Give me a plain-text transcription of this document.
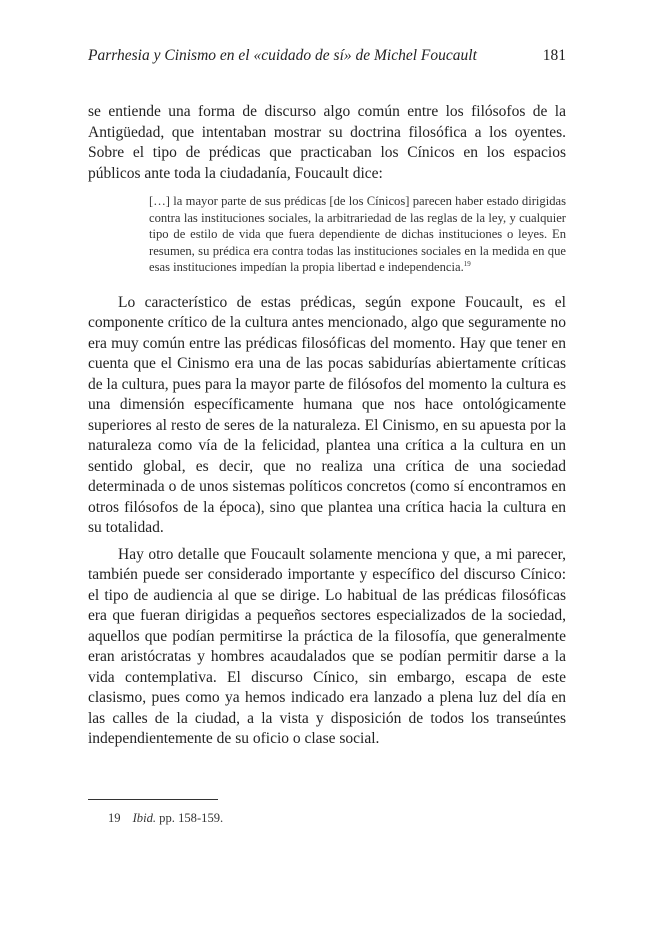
Parrhesia y Cinismo en el «cuidado de sí» de Michel Foucault	181

se entiende una forma de discurso algo común entre los filósofos de la Antigüedad, que intentaban mostrar su doctrina filosófica a los oyentes. Sobre el tipo de prédicas que practicaban los Cínicos en los espacios públicos ante toda la ciudadanía, Foucault dice:

[…] la mayor parte de sus prédicas [de los Cínicos] parecen haber estado dirigidas contra las instituciones sociales, la arbitrariedad de las reglas de la ley, y cualquier tipo de estilo de vida que fuera dependiente de dichas instituciones o leyes. En resumen, su prédica era contra todas las instituciones sociales en la medida en que esas instituciones impedían la propia libertad e independencia.$^{19}$

Lo característico de estas prédicas, según expone Foucault, es el componente crítico de la cultura antes mencionado, algo que seguramente no era muy común entre las prédicas filosóficas del momento. Hay que tener en cuenta que el Cinismo era una de las pocas sabidurías abiertamente críticas de la cultura, pues para la mayor parte de filósofos del momento la cultura es una dimensión específicamente humana que nos hace ontológicamente superiores al resto de seres de la naturaleza. El Cinismo, en su apuesta por la naturaleza como vía de la felicidad, plantea una crítica a la cultura en un sentido global, es decir, que no realiza una crítica de una sociedad determinada o de unos sistemas políticos concretos (como sí encontramos en otros filósofos de la época), sino que plantea una crítica hacia la cultura en su totalidad.

Hay otro detalle que Foucault solamente menciona y que, a mi parecer, también puede ser considerado importante y específico del discurso Cínico: el tipo de audiencia al que se dirige. Lo habitual de las prédicas filosóficas era que fueran dirigidas a pequeños sectores especializados de la sociedad, aquellos que podían permitirse la práctica de la filosofía, que generalmente eran aristócratas y hombres acaudalados que se podían permitir darse a la vida contemplativa. El discurso Cínico, sin embargo, escapa de este clasismo, pues como ya hemos indicado era lanzado a plena luz del día en las calles de la ciudad, a la vista y disposición de todos los transeúntes independientemente de su oficio o clase social.

19 Ibid. pp. 158-159.
